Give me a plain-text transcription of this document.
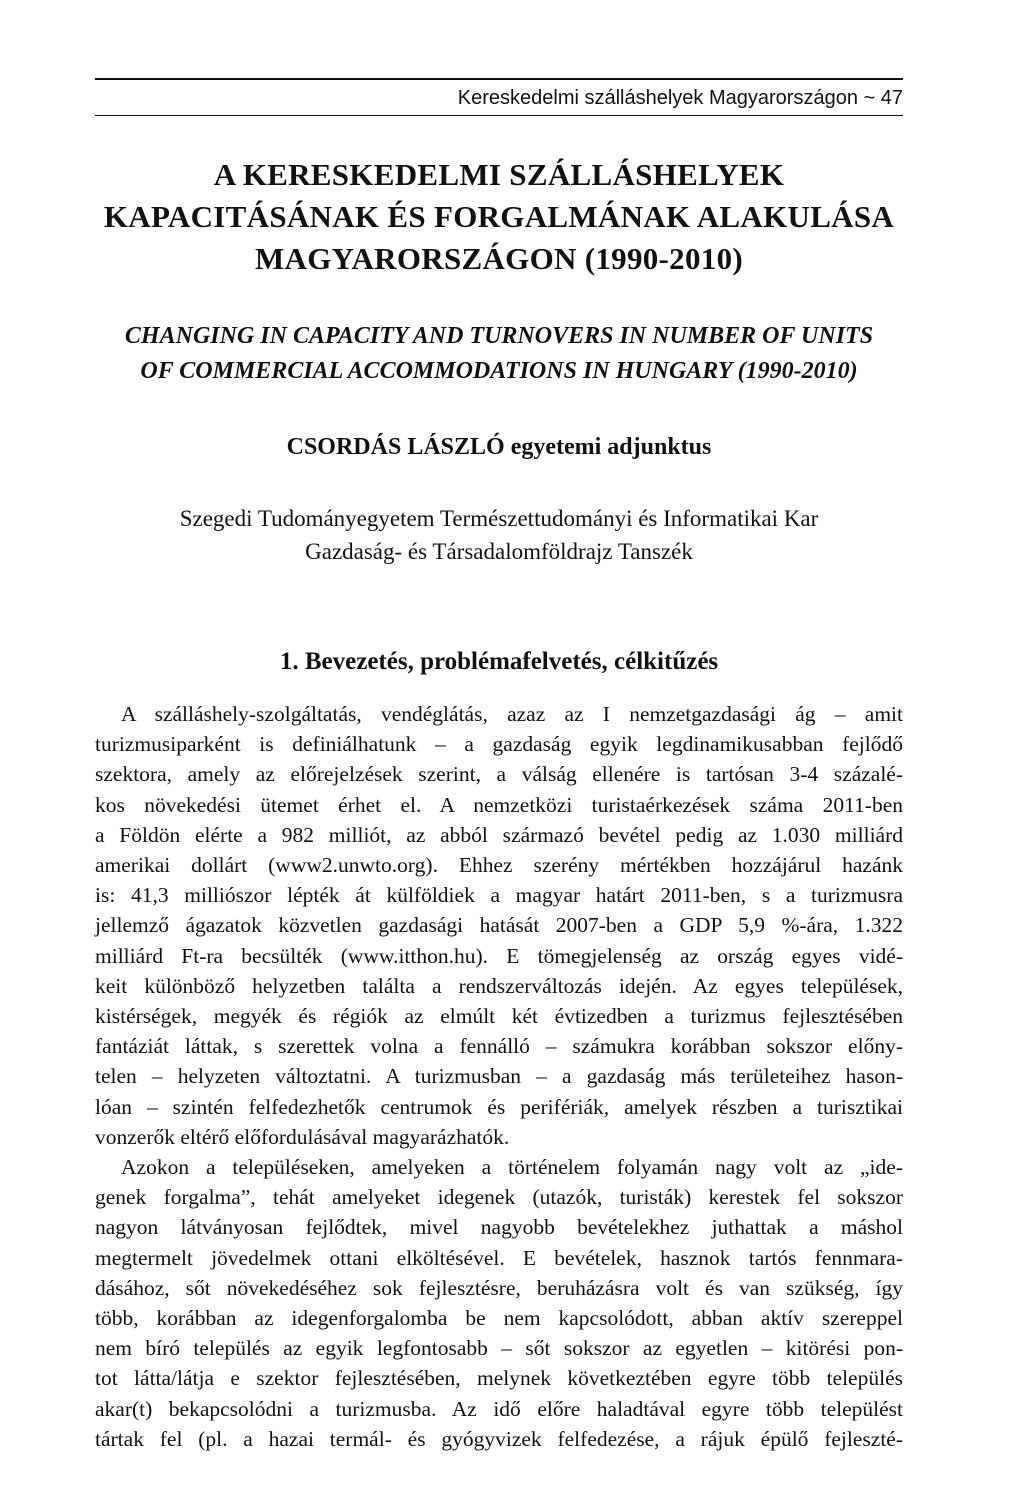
Kereskedelmi szálláshelyek Magyarországon ~ 47
A KERESKEDELMI SZÁLLÁSHELYEK
KAPACITÁSÁNAK ÉS FORGALMÁNAK ALAKULÁSA
MAGYARORSZÁGON (1990-2010)
CHANGING IN CAPACITY AND TURNOVERS IN NUMBER OF UNITS
OF COMMERCIAL ACCOMMODATIONS IN HUNGARY (1990-2010)
CSORDÁS LÁSZLÓ egyetemi adjunktus
Szegedi Tudományegyetem Természettudományi és Informatikai Kar
Gazdaság- és Társadalomföldrajz Tanszék
1. Bevezetés, problémafelvetés, célkitűzés
A szálláshely-szolgáltatás, vendéglátás, azaz az I nemzetgazdasági ág – amit
turizmusiparként is definiálhatunk – a gazdaság egyik legdinamikusabban fejlődő
szektora, amely az előrejelzések szerint, a válság ellenére is tartósan 3-4 százalé-
kos növekedési ütemet érhet el. A nemzetközi turistaérkezések száma 2011-ben
a Földön elérte a 982 milliót, az abból származó bevétel pedig az 1.030 milliárd
amerikai dollárt (www2.unwto.org). Ehhez szerény mértékben hozzájárul hazánk
is: 41,3 milliószor lépték át külföldiek a magyar határt 2011-ben, s a turizmusra
jellemző ágazatok közvetlen gazdasági hatását 2007-ben a GDP 5,9 %-ára, 1.322
milliárd Ft-ra becsülték (www.itthon.hu). E tömegjelenség az ország egyes vidé-
keit különböző helyzetben találta a rendszerváltozás idején. Az egyes települések,
kistérségek, megyék és régiók az elmúlt két évtizedben a turizmus fejlesztésében
fantáziát láttak, s szerettek volna a fennálló – számukra korábban sokszor előny-
telen – helyzeten változtatni. A turizmusban – a gazdaság más területeihez hason-
lóan – szintén felfedezhetők centrumok és perifériák, amelyek részben a turisztikai
vonzerők eltérő előfordulásával magyarázhatók.
Azokon a településeken, amelyeken a történelem folyamán nagy volt az „ide-
genek forgalma”, tehát amelyeket idegenek (utazók, turisták) kerestek fel sokszor
nagyon látványosan fejlődtek, mivel nagyobb bevételekhez juthattak a máshol
megtermelt jövedelmek ottani elköltésével. E bevételek, hasznok tartós fennmara-
dásához, sőt növekedéséhez sok fejlesztésre, beruházásra volt és van szükség, így
több, korábban az idegenforgalomba be nem kapcsolódott, abban aktív szereppel
nem bíró település az egyik legfontosabb – sőt sokszor az egyetlen – kitörési pon-
tot látta/látja e szektor fejlesztésében, melynek következtében egyre több település
akar(t) bekapcsolódni a turizmusba. Az idő előre haladtával egyre több települést
tártak fel (pl. a hazai termál- és gyógyvizek felfedezése, a rájuk épülő fejleszté-
